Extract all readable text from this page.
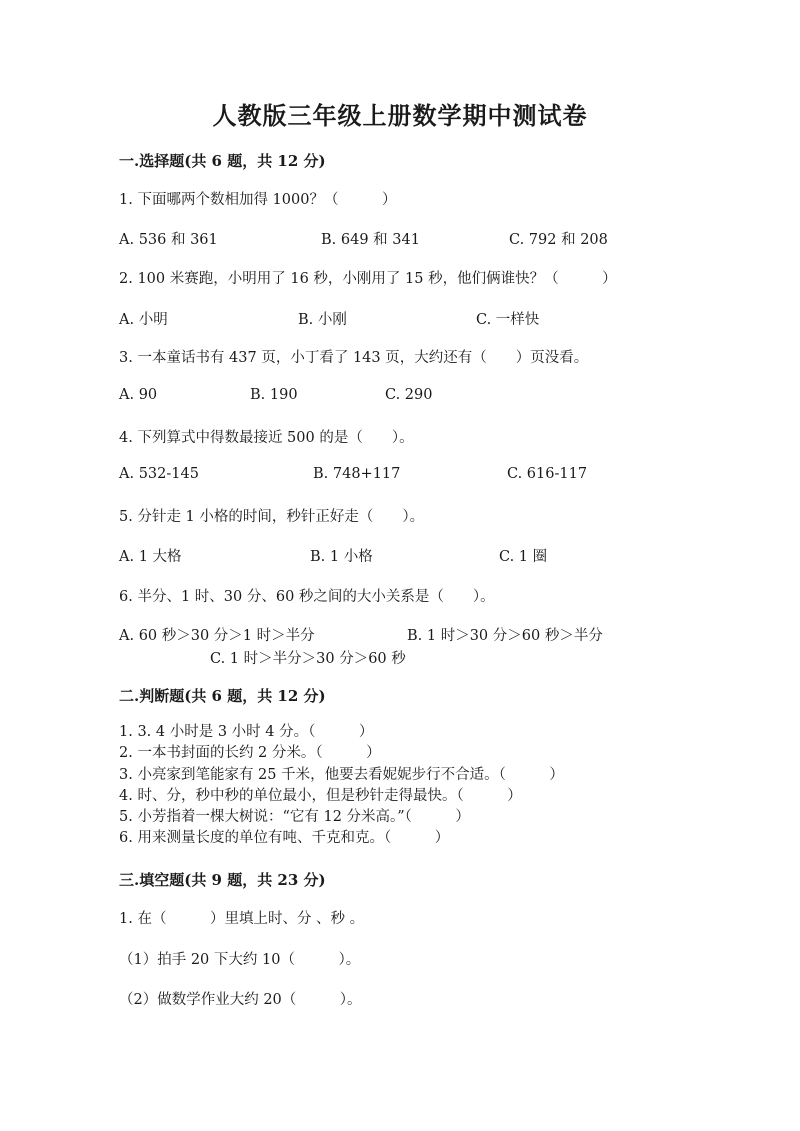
人教版三年级上册数学期中测试卷
一.选择题(共 6 题，共 12 分)
1. 下面哪两个数相加得 1000？（　　　）
A. 536 和 361	B. 649 和 341	C. 792 和 208
2. 100 米赛跑，小明用了 16 秒，小刚用了 15 秒，他们俩谁快？（　　　）
A. 小明	B. 小刚	C. 一样快
3. 一本童话书有 437 页，小丁看了 143 页，大约还有（　　）页没看。
A. 90	B. 190	C. 290
4. 下列算式中得数最接近 500 的是（　　）。
A. 532-145	B. 748+117	C. 616-117
5. 分针走 1 小格的时间，秒针正好走（　　）。
A. 1 大格	B. 1 小格	C. 1 圈
6. 半分、1 时、30 分、60 秒之间的大小关系是（　　）。
A. 60 秒＞30 分＞1 时＞半分	B. 1 时＞30 分＞60 秒＞半分
C. 1 时＞半分＞30 分＞60 秒
二.判断题(共 6 题，共 12 分)
1. 3. 4 小时是 3 小时 4 分。（　　　）
2. 一本书封面的长约 2 分米。（　　　）
3. 小亮家到笔能家有 25 千米，他要去看妮妮步行不合适。（　　　）
4. 时、分，秒中秒的单位最小，但是秒针走得最快。（　　　）
5. 小芳指着一棵大树说：“它有 12 分米高。”（　　　）
6. 用来测量长度的单位有吨、千克和克。（　　　）
三.填空题(共 9 题，共 23 分)
1. 在（　　　）里填上时、分 、秒 。
（1）拍手 20 下大约 10（　　　）。
（2）做数学作业大约 20（　　　）。
